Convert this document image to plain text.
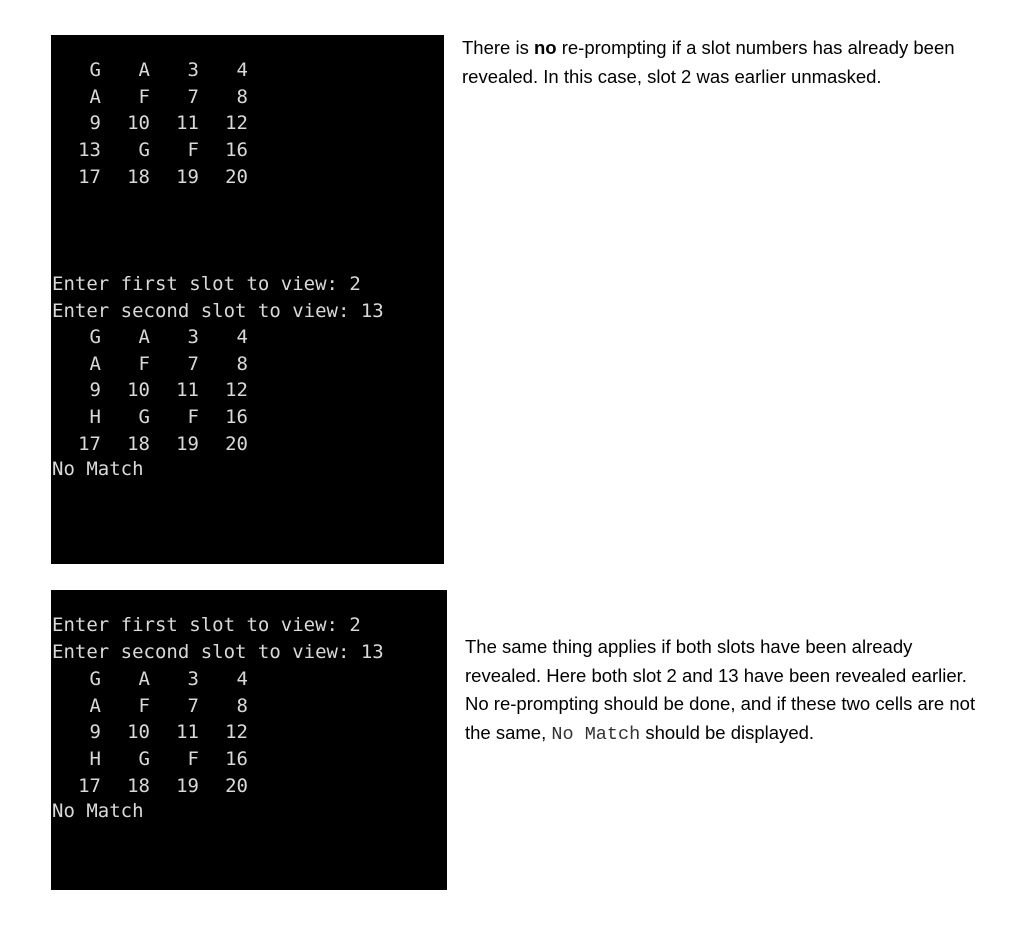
G	A	3	4
A	F	7	8
9	10	11	12
13	G	F	16
17	18	19	20
Enter first slot to view: 2
Enter second slot to view: 13
G	A	3	4
A	F	7	8
9	10	11	12
H	G	F	16
17	18	19	20
No Match
Enter first slot to view: 2
Enter second slot to view: 13
G	A	3	4
A	F	7	8
9	10	11	12
H	G	F	16
17	18	19	20
No Match
There is no re-prompting if a slot numbers has already been revealed. In this case, slot 2 was earlier unmasked.
The same thing applies if both slots have been already revealed. Here both slot 2 and 13 have been revealed earlier. No re-prompting should be done, and if these two cells are not the same, No Match should be displayed.
